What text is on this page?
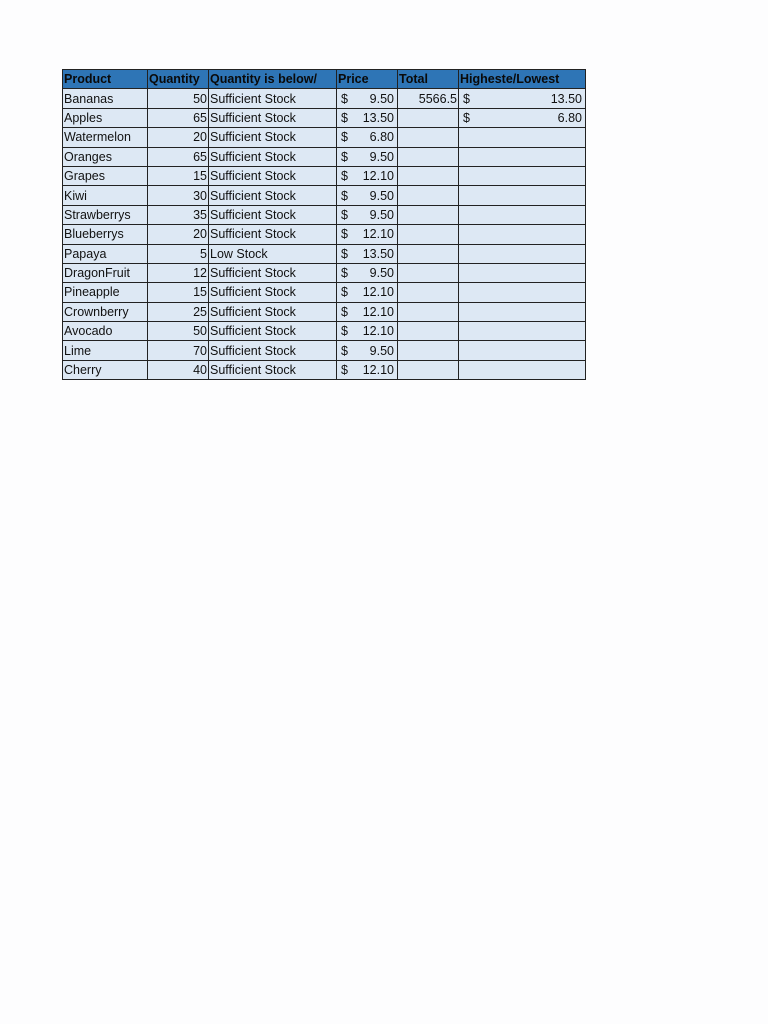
Product	Quantity	Quantity is below/	Price	Total	Higheste/Lowest
Bananas	50	Sufficient Stock	$ 9.50	5566.5	$ 13.50

Apples	65	Sufficient Stock	$ 13.50		$ 6.80

Watermelon	20	Sufficient Stock	$ 6.80		

Oranges	65	Sufficient Stock	$ 9.50		

Grapes	15	Sufficient Stock	$ 12.10		

Kiwi	30	Sufficient Stock	$ 9.50		

Strawberrys	35	Sufficient Stock	$ 9.50		

Blueberrys	20	Sufficient Stock	$ 12.10		

Papaya	5	Low Stock	$ 13.50		

DragonFruit	12	Sufficient Stock	$ 9.50		

Pineapple	15	Sufficient Stock	$ 12.10		

Crownberry	25	Sufficient Stock	$ 12.10		

Avocado	50	Sufficient Stock	$ 12.10		

Lime	70	Sufficient Stock	$ 9.50		

Cherry	40	Sufficient Stock	$ 12.10		
